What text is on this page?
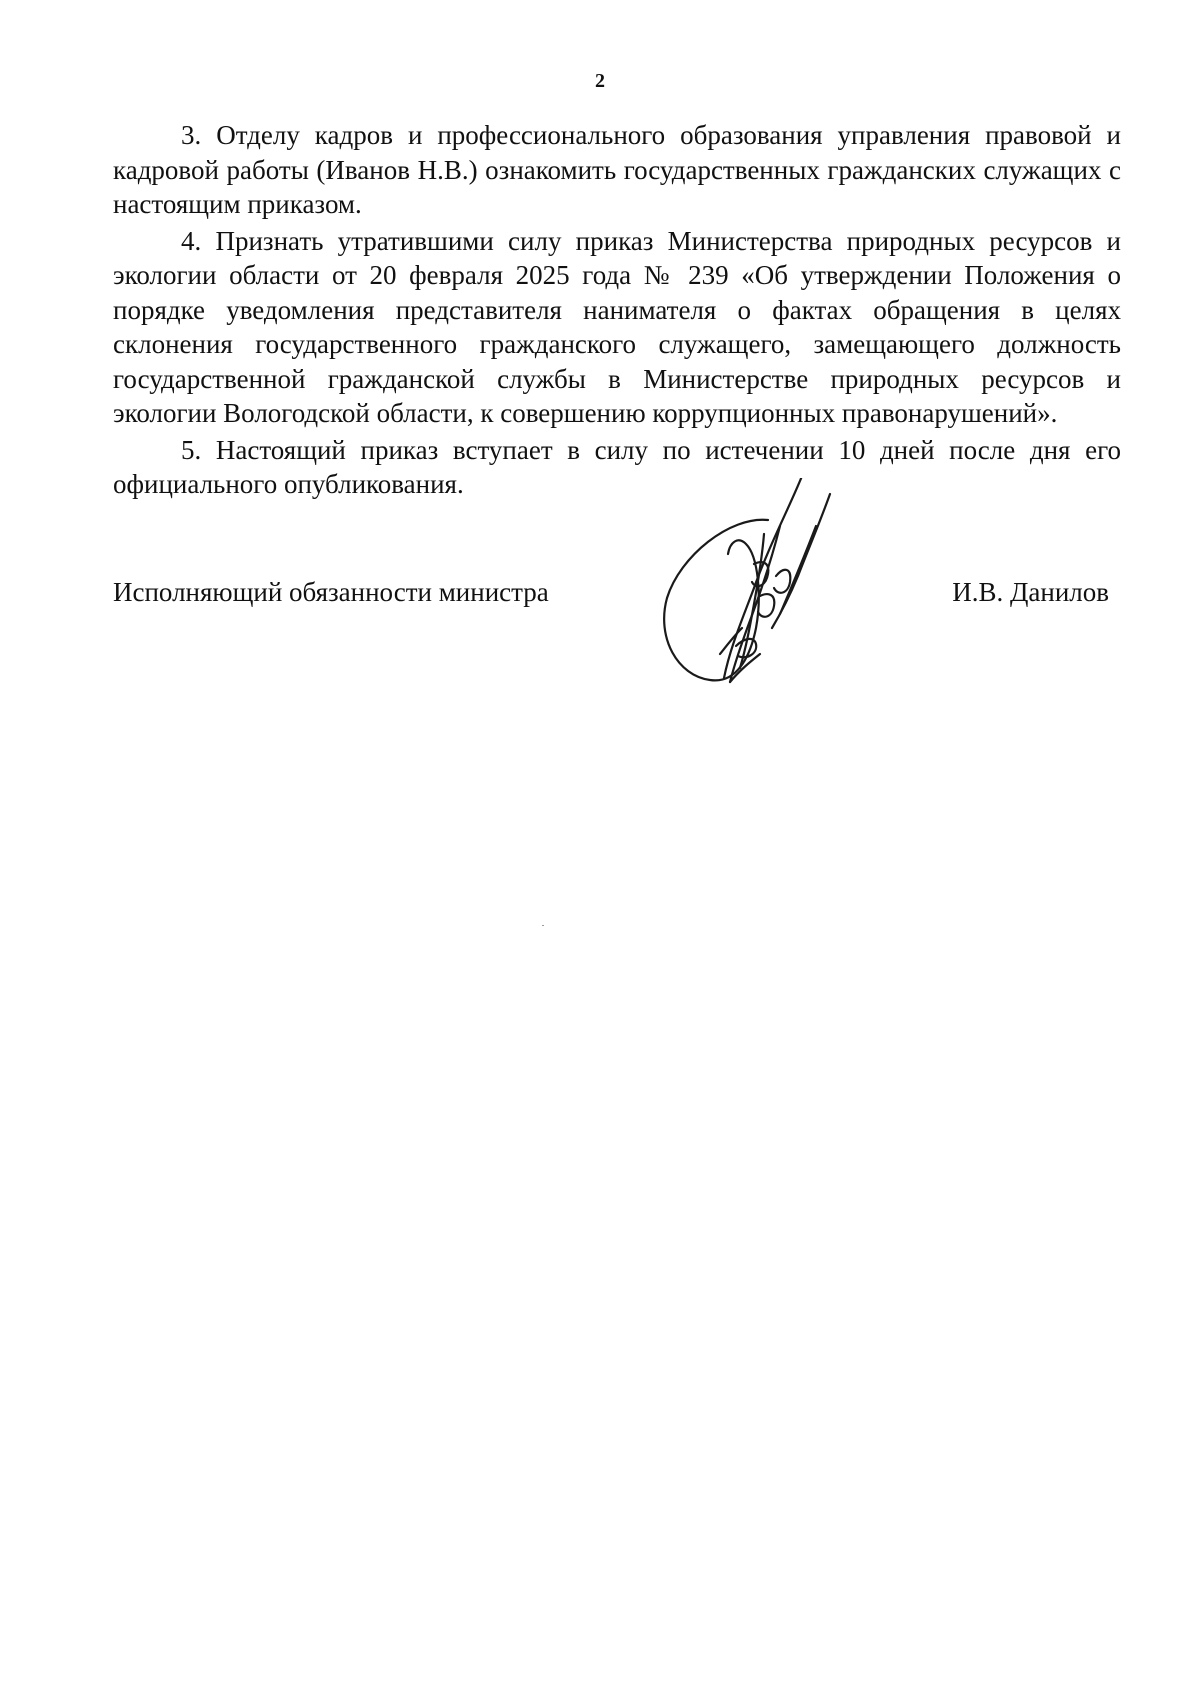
2

3. Отделу кадров и профессионального образования управления правовой и кадровой работы (Иванов Н.В.) ознакомить государственных гражданских служащих с настоящим приказом.

4. Признать утратившими силу приказ Министерства природных ресурсов и экологии области от 20 февраля 2025 года № 239 «Об утверждении Положения о порядке уведомления представителя нанимателя о фактах обращения в целях склонения государственного гражданского служащего, замещающего должность государственной гражданской службы в Министерстве природных ресурсов и экологии Вологодской области, к совершению коррупционных правонарушений».

5. Настоящий приказ вступает в силу по истечении 10 дней после дня его официального опубликования.

Исполняющий обязанности министра	И.В. Данилов
